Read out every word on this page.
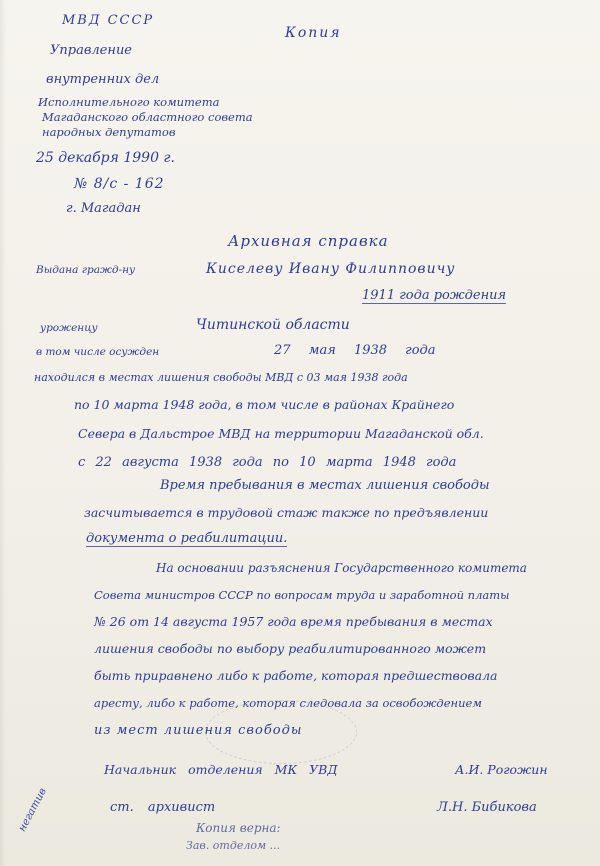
МВД СССР
Копия
Управление
внутренних дел
Исполнительного комитета
Магаданского областного совета
народных депутатов
25 декабря 1990 г.
№ 8/с - 162
г. Магадан
Архивная справка
Выдана гражд-ну	Киселеву Ивану Филипповичу
1911 года рождения
уроженцу	Читинской области
в том числе осужден	27 мая 1938 года
находился в местах лишения свободы МВД с 03 мая 1938 года
по 10 марта 1948 года, в том числе в районах Крайнего
Севера в Дальстрое МВД на территории Магаданской обл.
с 22 августа 1938 года по 10 марта 1948 года
Время пребывания в местах лишения свободы
засчитывается в трудовой стаж также по предъявлении
документа о реабилитации.
На основании разъяснения Государственного комитета
Совета министров СССР по вопросам труда и заработной платы
№ 26 от 14 августа 1957 года время пребывания в местах
лишения свободы по выбору реабилитированного может
быть приравнено либо к работе, которая предшествовала
аресту, либо к работе, которая следовала за освобождением
из мест лишения свободы
Начальник отделения МК УВД	А.И. Рогожин
ст. архивист	Л.Н. Бибикова
Копия верна:
Зав. отделом ...
негатив
